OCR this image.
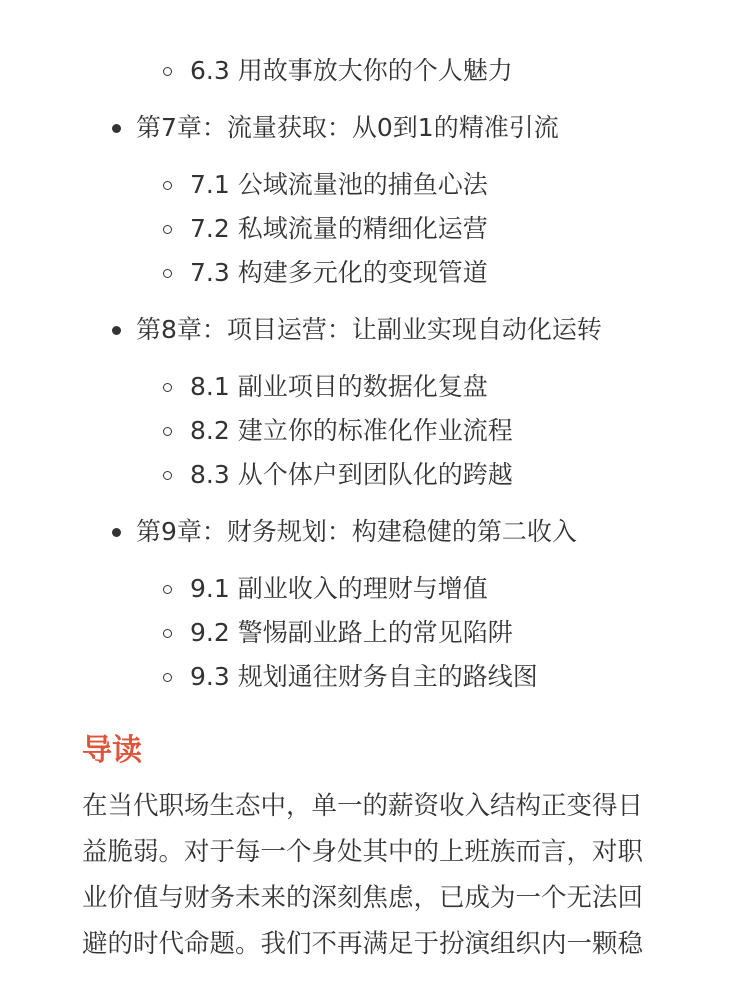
6.3 用故事放大你的个人魅力
第7章：流量获取：从0到1的精准引流
7.1 公域流量池的捕鱼心法
7.2 私域流量的精细化运营
7.3 构建多元化的变现管道
第8章：项目运营：让副业实现自动化运转
8.1 副业项目的数据化复盘
8.2 建立你的标准化作业流程
8.3 从个体户到团队化的跨越
第9章：财务规划：构建稳健的第二收入
9.1 副业收入的理财与增值
9.2 警惕副业路上的常见陷阱
9.3 规划通往财务自主的路线图
导读
在当代职场生态中，单一的薪资收入结构正变得日
益脆弱。对于每一个身处其中的上班族而言，对职
业价值与财务未来的深刻焦虑，已成为一个无法回
避的时代命题。我们不再满足于扮演组织内一颗稳
